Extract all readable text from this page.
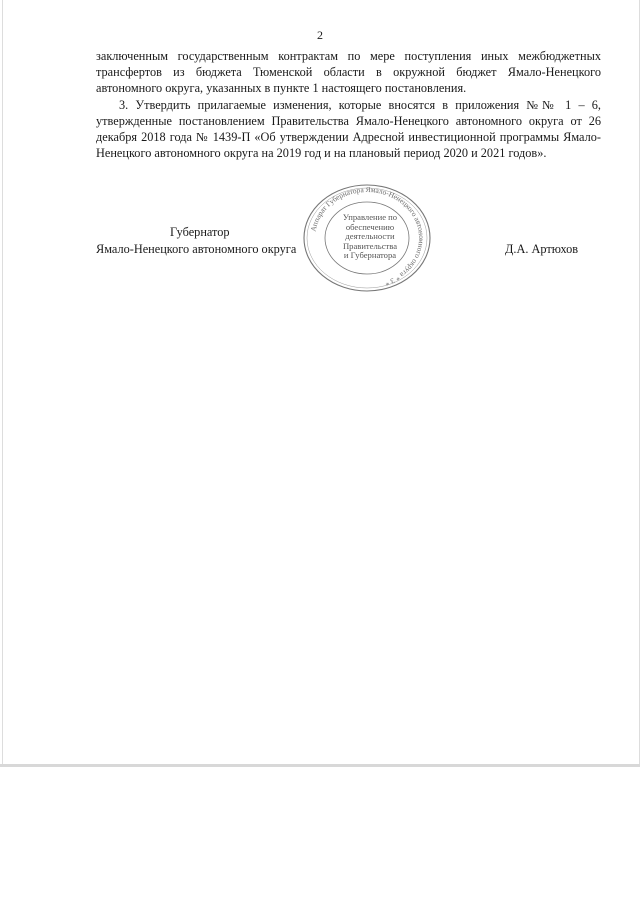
2

заключенным государственным контрактам по мере поступления иных межбюджетных трансфертов из бюджета Тюменской области в окружной бюджет Ямало-Ненецкого автономного округа, указанных в пункте 1 настоящего постановления.

3. Утвердить прилагаемые изменения, которые вносятся в приложения №№ 1 – 6, утвержденные постановлением Правительства Ямало-Ненецкого автономного округа от 26 декабря 2018 года № 1439-П «Об утверждении Адресной инвестиционной программы Ямало-Ненецкого автономного округа на 2019 год и на плановый период 2020 и 2021 годов».

Губернатор
Ямало-Ненецкого автономного округа	Д.А. Артюхов
Аппарат Губернатора Ямало-Ненецкого автономного округа * 3 *
Управление по
обеспечению
деятельности
Правительства
и Губернатора
